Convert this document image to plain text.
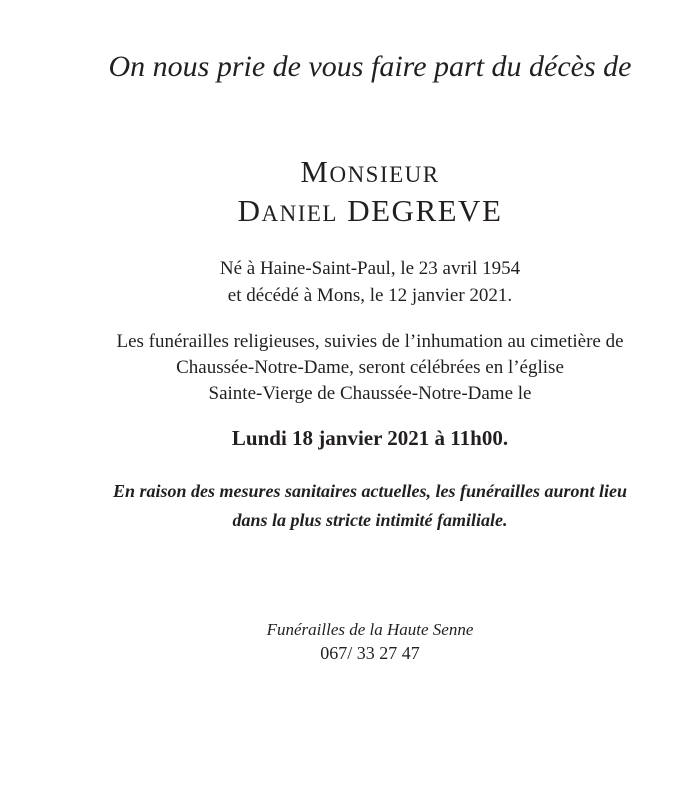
On nous prie de vous faire part du décès de

MONSIEUR

DANIEL DEGREVE

Né à Haine-Saint-Paul, le 23 avril 1954

et décédé à Mons, le 12 janvier 2021.

Les funérailles religieuses, suivies de l’inhumation au cimetière de

Chaussée-Notre-Dame, seront célébrées en l’église

Sainte-Vierge de Chaussée-Notre-Dame le

Lundi 18 janvier 2021 à 11h00.

En raison des mesures sanitaires actuelles, les funérailles auront lieu

dans la plus stricte intimité familiale.

Funérailles de la Haute Senne

067/ 33 27 47
